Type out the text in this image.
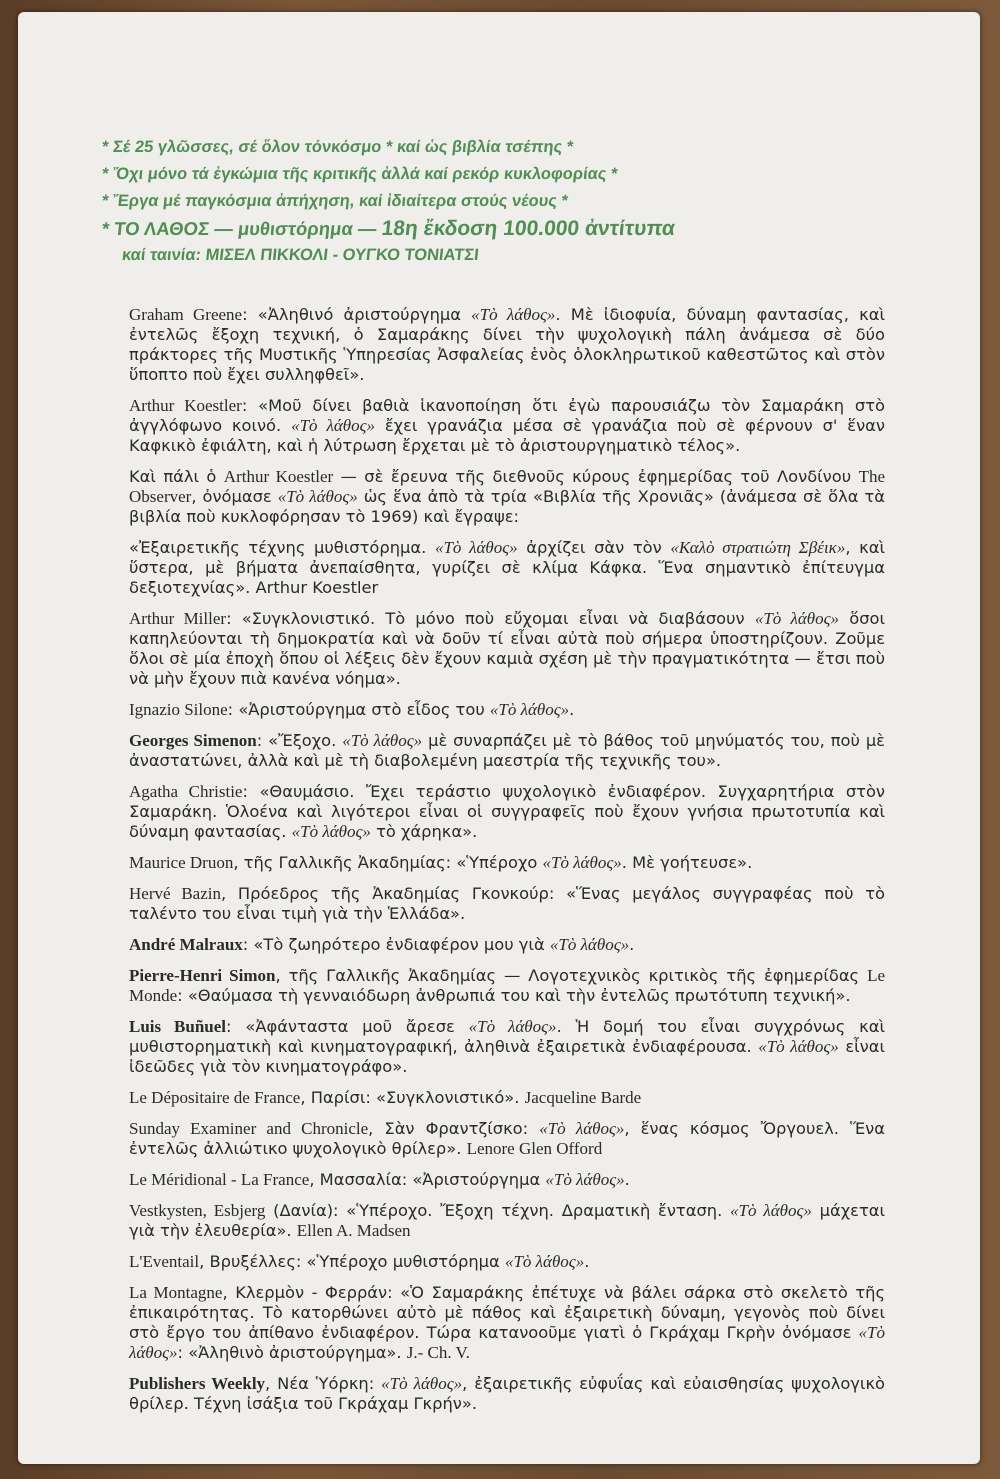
* Σέ 25 γλῶσσες, σέ ὅλον τόνκόσμο * καί ὡς βιβλία τσέπης *
* Ὄχι μόνο τά ἐγκώμια τῆς κριτικῆς ἀλλά καί ρεκόρ κυκλοφορίας *
* Ἔργα μέ παγκόσμια ἀπήχηση, καί ἰδιαίτερα στούς νέους *
* ΤΟ ΛΑΘΟΣ — μυθιστόρημα — 18η ἔκδοση 100.000 ἀντίτυπα
καί ταινία: ΜΙΣΕΛ ΠΙΚΚΟΛΙ - ΟΥΓΚΟ ΤΟΝΙΑΤΣΙ

Graham Greene: «Ἀληθινό ἀριστούργημα «Τὸ λάθος». Μὲ ἰδιοφυία, δύναμη φαντασίας, καὶ ἐντελῶς ἔξοχη τεχνική, ὁ Σαμαράκης δίνει τὴν ψυχολογικὴ πάλη ἀνάμεσα σὲ δύο πράκτορες τῆς Μυστικῆς Ὑπηρεσίας Ἀσφαλείας ἑνὸς ὁλοκληρωτικοῦ καθεστῶτος καὶ στὸν ὕποπτο ποὺ ἔχει συλληφθεῖ».

Arthur Koestler: «Μοῦ δίνει βαθιὰ ἱκανοποίηση ὅτι ἐγὼ παρουσιάζω τὸν Σαμαράκη στὸ ἀγγλόφωνο κοινό. «Τὸ λάθος» ἔχει γρανάζια μέσα σὲ γρανάζια ποὺ σὲ φέρνουν σ' ἕναν Καφκικὸ ἐφιάλτη, καὶ ἡ λύτρωση ἔρχεται μὲ τὸ ἀριστουργηματικὸ τέλος».

Καὶ πάλι ὁ Arthur Koestler — σὲ ἔρευνα τῆς διεθνοῦς κύρους ἐφημερίδας τοῦ Λονδίνου The Observer, ὀνόμασε «Τὸ λάθος» ὡς ἕνα ἀπὸ τὰ τρία «Βιβλία τῆς Χρονιᾶς» (ἀνάμεσα σὲ ὅλα τὰ βιβλία ποὺ κυκλοφόρησαν τὸ 1969) καὶ ἔγραψε:

«Ἐξαιρετικῆς τέχνης μυθιστόρημα. «Τὸ λάθος» ἀρχίζει σὰν τὸν «Καλὸ στρατιώτη Σβέικ», καὶ ὕστερα, μὲ βήματα ἀνεπαίσθητα, γυρίζει σὲ κλίμα Κάφκα. Ἕνα σημαντικὸ ἐπίτευγμα δεξιοτεχνίας». Arthur Koestler

Arthur Miller: «Συγκλονιστικό. Τὸ μόνο ποὺ εὔχομαι εἶναι νὰ διαβάσουν «Τὸ λάθος» ὅσοι καπηλεύονται τὴ δημοκρατία καὶ νὰ δοῦν τί εἶναι αὐτὰ ποὺ σήμερα ὑποστηρίζουν. Ζοῦμε ὅλοι σὲ μία ἐποχὴ ὅπου οἱ λέξεις δὲν ἔχουν καμιὰ σχέση μὲ τὴν πραγματικότητα — ἔτσι ποὺ νὰ μὴν ἔχουν πιὰ κανένα νόημα».

Ignazio Silone: «Ἀριστούργημα στὸ εἶδος του «Τὸ λάθος».

Georges Simenon: «Ἔξοχο. «Τὸ λάθος» μὲ συναρπάζει μὲ τὸ βάθος τοῦ μηνύματός του, ποὺ μὲ ἀναστατώνει, ἀλλὰ καὶ μὲ τὴ διαβολεμένη μαεστρία τῆς τεχνικῆς του».

Agatha Christie: «Θαυμάσιο. Ἔχει τεράστιο ψυχολογικὸ ἐνδιαφέρον. Συγχαρητήρια στὸν Σαμαράκη. Ὁλοένα καὶ λιγότεροι εἶναι οἱ συγγραφεῖς ποὺ ἔχουν γνήσια πρωτοτυπία καὶ δύναμη φαντασίας. «Τὸ λάθος» τὸ χάρηκα».

Maurice Druon, τῆς Γαλλικῆς Ἀκαδημίας: «Ὑπέροχο «Τὸ λάθος». Μὲ γοήτευσε».

Hervé Bazin, Πρόεδρος τῆς Ἀκαδημίας Γκονκούρ: «Ἕνας μεγάλος συγγραφέας ποὺ τὸ ταλέντο του εἶναι τιμὴ γιὰ τὴν Ἑλλάδα».

André Malraux: «Τὸ ζωηρότερο ἐνδιαφέρον μου γιὰ «Τὸ λάθος».

Pierre-Henri Simon, τῆς Γαλλικῆς Ἀκαδημίας — Λογοτεχνικὸς κριτικὸς τῆς ἐφημερίδας Le Monde: «Θαύμασα τὴ γενναιόδωρη ἀνθρωπιά του καὶ τὴν ἐντελῶς πρωτότυπη τεχνική».

Luis Buñuel: «Ἀφάνταστα μοῦ ἄρεσε «Τὸ λάθος». Ἡ δομή του εἶναι συγχρόνως καὶ μυθιστορηματικὴ καὶ κινηματογραφική, ἀληθινὰ ἐξαιρετικὰ ἐνδιαφέρουσα. «Τὸ λάθος» εἶναι ἰδεῶδες γιὰ τὸν κινηματογράφο».

Le Dépositaire de France, Παρίσι: «Συγκλονιστικό». Jacqueline Barde

Sunday Examiner and Chronicle, Σὰν Φραντζίσκο: «Τὸ λάθος», ἕνας κόσμος Ὄργουελ. Ἕνα ἐντελῶς ἀλλιώτικο ψυχολογικὸ θρίλερ». Lenore Glen Offord

Le Méridional - La France, Μασσαλία: «Ἀριστούργημα «Τὸ λάθος».

Vestkysten, Esbjerg (Δανία): «Ὑπέροχο. Ἔξοχη τέχνη. Δραματικὴ ἔνταση. «Τὸ λάθος» μάχεται γιὰ τὴν ἐλευθερία». Ellen A. Madsen

L'Eventail, Βρυξέλλες: «Ὑπέροχο μυθιστόρημα «Τὸ λάθος».

La Montagne, Κλερμὸν - Φερράν: «Ὁ Σαμαράκης ἐπέτυχε νὰ βάλει σάρκα στὸ σκελετὸ τῆς ἐπικαιρότητας. Τὸ κατορθώνει αὐτὸ μὲ πάθος καὶ ἐξαιρετικὴ δύναμη, γεγονὸς ποὺ δίνει στὸ ἔργο του ἀπίθανο ἐνδιαφέρον. Τώρα κατανοοῦμε γιατὶ ὁ Γκράχαμ Γκρὴν ὀνόμασε «Τὸ λάθος»: «Ἀληθινὸ ἀριστούργημα». J.- Ch. V.

Publishers Weekly, Νέα Ὑόρκη: «Τὸ λάθος», ἐξαιρετικῆς εὐφυΐας καὶ εὐαισθησίας ψυχολογικὸ θρίλερ. Τέχνη ἰσάξια τοῦ Γκράχαμ Γκρήν».
